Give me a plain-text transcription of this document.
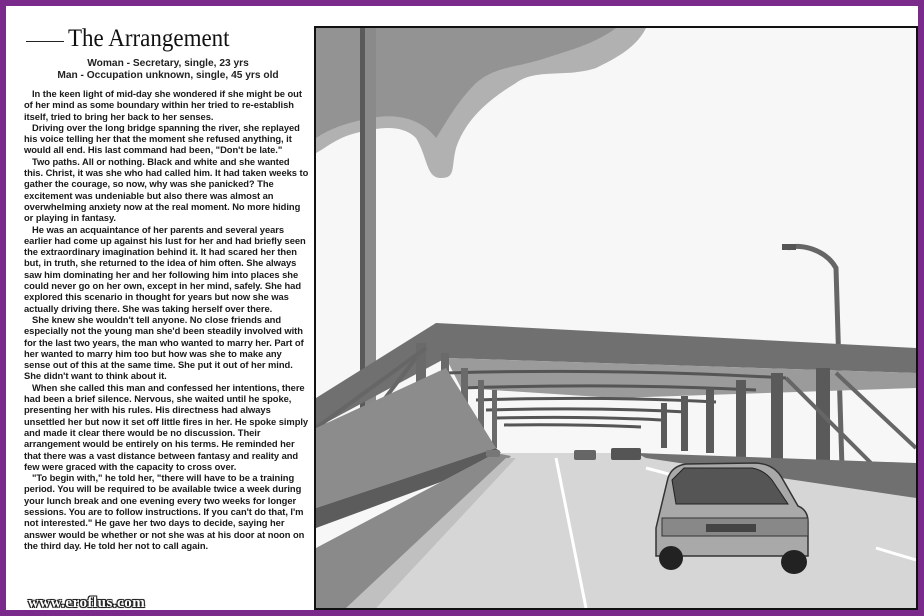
The Arrangement
Woman - Secretary, single, 23 yrs
Man - Occupation unknown, single, 45 yrs old

In the keen light of mid-day she wondered if she might be out of her mind as some boundary within her tried to re-establish itself, tried to bring her back to her senses.

Driving over the long bridge spanning the river, she replayed his voice telling her that the moment she refused anything, it would all end. His last command had been, "Don't be late."

Two paths. All or nothing. Black and white and she wanted this. Christ, it was she who had called him. It had taken weeks to gather the courage, so now, why was she panicked? The excitement was undeniable but also there was almost an overwhelming anxiety now at the real moment. No more hiding or playing in fantasy.

He was an acquaintance of her parents and several years earlier had come up against his lust for her and had briefly seen the extraordinary imagination behind it. It had scared her then but, in truth, she returned to the idea of him often. She always saw him dominating her and her following him into places she could never go on her own, except in her mind, safely. She had explored this scenario in thought for years but now she was actually driving there. She was taking herself over there.

She knew she wouldn't tell anyone. No close friends and especially not the young man she'd been steadily involved with for the last two years, the man who wanted to marry her. Part of her wanted to marry him too but how was she to make any sense out of this at the same time. She put it out of her mind. She didn't want to think about it.

When she called this man and confessed her intentions, there had been a brief silence. Nervous, she waited until he spoke, presenting her with his rules. His directness had always unsettled her but now it set off little fires in her. He spoke simply and made it clear there would be no discussion. Their arrangement would be entirely on his terms. He reminded her that there was a vast distance between fantasy and reality and few were graced with the capacity to cross over.

"To begin with," he told her, "there will have to be a training period. You will be required to be available twice a week during your lunch break and one evening every two weeks for longer sessions. You are to follow instructions. If you can't do that, I'm not interested." He gave her two days to decide, saying her answer would be whether or not she was at his door at noon on the third day. He told her not to call again.

www.eroflus.com
